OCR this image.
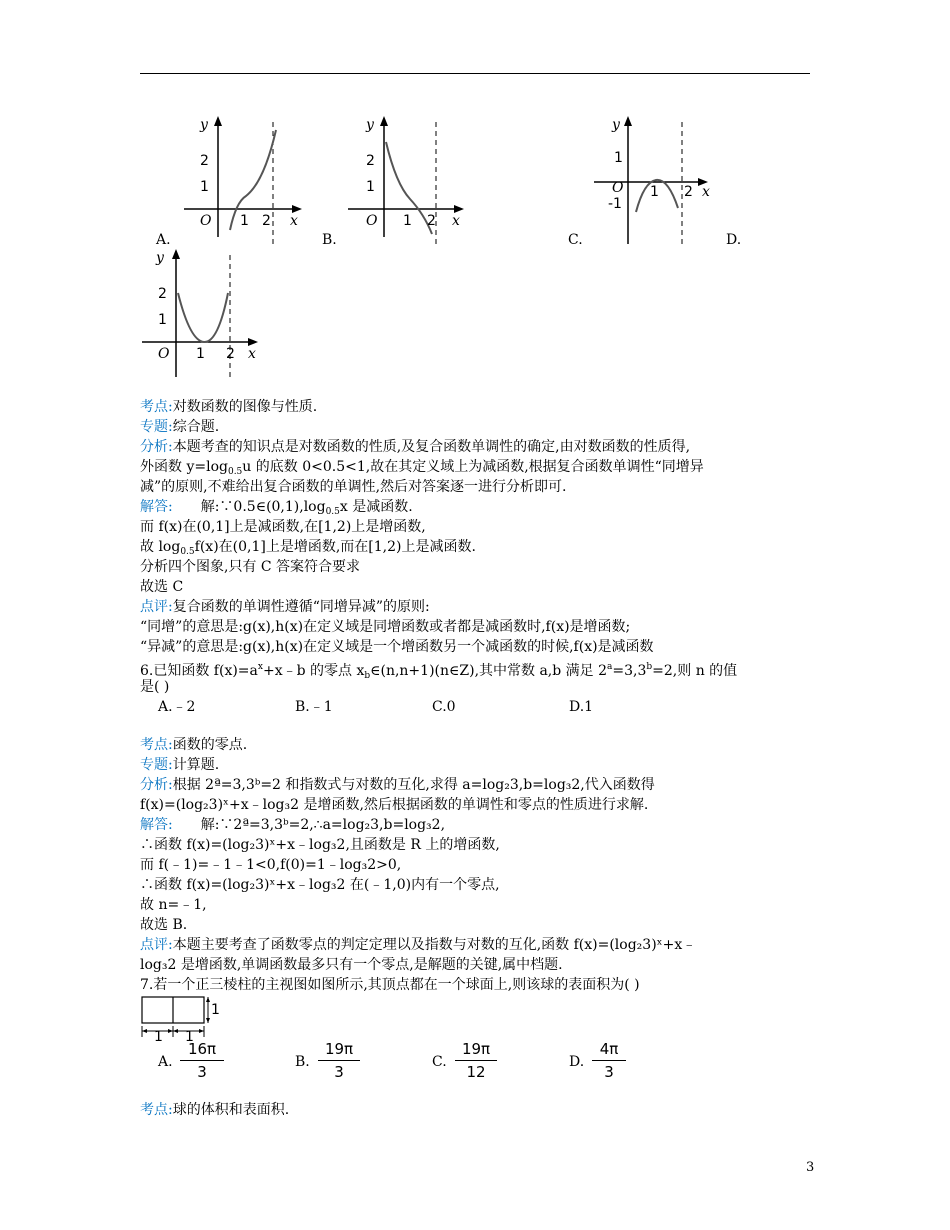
y
2
1
O 1 2 x
A.
y
2
1
O 1 2 x
B.
y
1
O
-1
1 2 x
C.	D.
y
2
1
O 1 2 x
考点:对数函数的图像与性质.
专题:综合题.
分析:本题考查的知识点是对数函数的性质,及复合函数单调性的确定,由对数函数的性质得,
外函数 $y=\log_{0.5}u$ 的底数 0<0.5<1,故在其定义域上为减函数,根据复合函数单调性“同增异
减”的原则,不难给出复合函数的单调性,然后对答案逐一进行分析即可.
解答: 解$:\because 0.5\in(0,1),\log_{0.5}x$ 是减函数.
而 f(x)在(0,1]上是减函数,在[1,2)上是增函数,
故 $\log_{0.5}f(x)$在(0,1]上是增函数,而在[1,2)上是减函数.
分析四个图象,只有 C 答案符合要求
故选 C
点评:复合函数的单调性遵循“同增异减”的原则:
“同增”的意思是:g(x),h(x)在定义域是同增函数或者都是减函数时,f(x)是增函数;
“异减”的意思是:g(x),h(x)在定义域是一个增函数另一个减函数的时候,f(x)是减函数
6.已知函数 $f(x)=a^x+x﹣b$ 的零点 $x_b\in(n,n+1)(n\in Z)$,其中常数 a,b 满足 $2^a=3,3^b=2$,则 n 的值
是( )
A.﹣2	B.﹣1	C.0	D.1
考点:函数的零点.
专题:计算题.
分析:根据 2ª=3,3ᵇ=2 和指数式与对数的互化,求得 a=log₂3,b=log₃2,代入函数得
f(x)=(log₂3)ˣ+x﹣log₃2 是增函数,然后根据函数的单调性和零点的性质进行求解.
解答: 解:∵2ª=3,3ᵇ=2,∴a=log₂3,b=log₃2,
∴函数 f(x)=(log₂3)ˣ+x﹣log₃2,且函数是 R 上的增函数,
而 f(﹣1)=﹣1﹣1<0,f(0)=1﹣log₃2>0,
∴函数 f(x)=(log₂3)ˣ+x﹣log₃2 在(﹣1,0)内有一个零点,
故 n=﹣1,
故选 B.
点评:本题主要考查了函数零点的判定定理以及指数与对数的互化,函数 f(x)=(log₂3)ˣ+x﹣
log₃2 是增函数,单调函数最多只有一个零点,是解题的关键,属中档题.
7.若一个正三棱柱的主视图如图所示,其顶点都在一个球面上,则该球的表面积为( )
1 1
1
A.
16π
3
B.
19π
3
C.
19π
12
D.
4π
3
考点:球的体积和表面积.
3
